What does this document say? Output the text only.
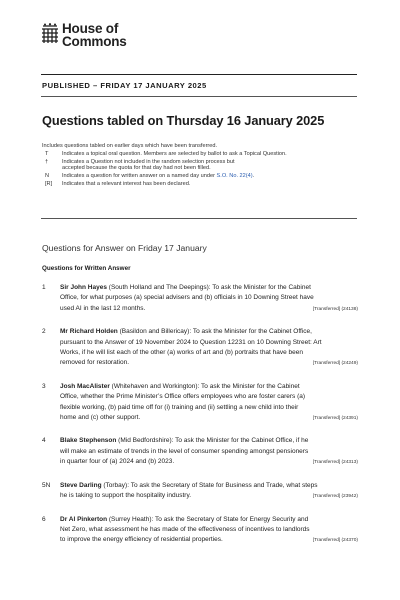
House of
Commons
PUBLISHED – FRIDAY 17 JANUARY 2025
Questions tabled on Thursday 16 January 2025
Includes questions tabled on earlier days which have been transferred.
T	Indicates a topical oral question. Members are selected by ballot to ask a Topical Question.
†	Indicates a Question not included in the random selection process but
accepted because the quota for that day had not been filled.
N	Indicates a question for written answer on a named day under S.O. No. 22(4).
[R]	Indicates that a relevant interest has been declared.
Questions for Answer on Friday 17 January
Questions for Written Answer
1	Sir John Hayes (South Holland and The Deepings): To ask the Minister for the Cabinet
Office, for what purposes (a) special advisers and (b) officials in 10 Downing Street have
used AI in the last 12 months.	[Transferred] (24138)
2	Mr Richard Holden (Basildon and Billericay): To ask the Minister for the Cabinet Office,
pursuant to the Answer of 19 November 2024 to Question 12231 on 10 Downing Street: Art
Works, if he will list each of the other (a) works of art and (b) portraits that have been
removed for restoration.	[Transferred] (24249)
3	Josh MacAlister (Whitehaven and Workington): To ask the Minister for the Cabinet
Office, whether the Prime Minister’s Office offers employees who are foster carers (a)
flexible working, (b) paid time off for (i) training and (ii) settling a new child into their
home and (c) other support.	[Transferred] (24391)
4	Blake Stephenson (Mid Bedfordshire): To ask the Minister for the Cabinet Office, if he
will make an estimate of trends in the level of consumer spending amongst pensioners
in quarter four of (a) 2024 and (b) 2023.	[Transferred] (24313)
5N	Steve Darling (Torbay): To ask the Secretary of State for Business and Trade, what steps
he is taking to support the hospitality industry.	[Transferred] (23942)
6	Dr Al Pinkerton (Surrey Heath): To ask the Secretary of State for Energy Security and
Net Zero, what assessment he has made of the effectiveness of incentives to landlords
to improve the energy efficiency of residential properties.	[Transferred] (24370)
